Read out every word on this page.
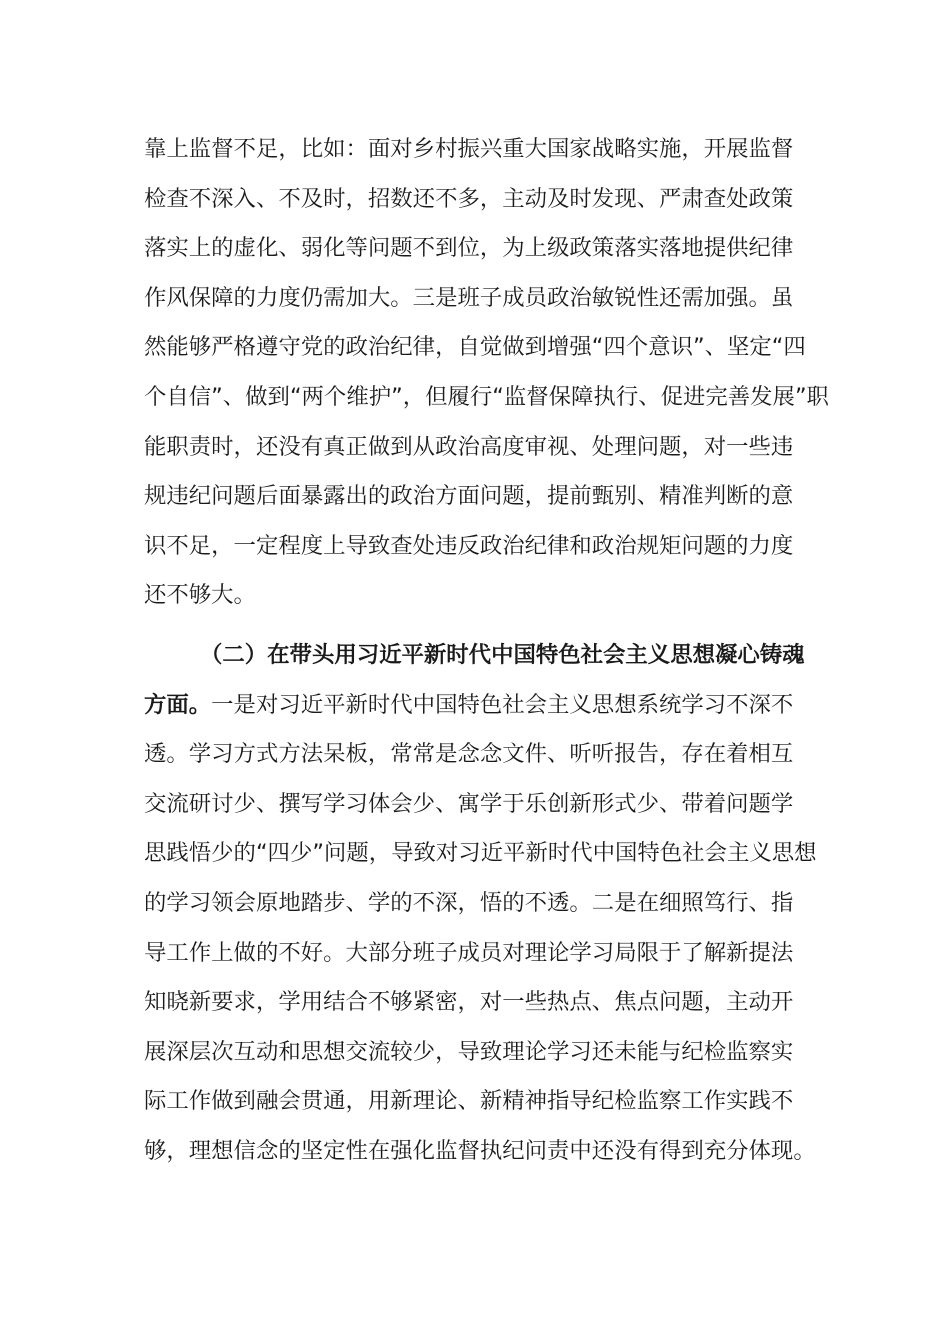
靠上监督不足，比如：面对乡村振兴重大国家战略实施，开展监督
检查不深入、不及时，招数还不多，主动及时发现、严肃查处政策
落实上的虚化、弱化等问题不到位，为上级政策落实落地提供纪律
作风保障的力度仍需加大。三是班子成员政治敏锐性还需加强。虽
然能够严格遵守党的政治纪律，自觉做到增强“四个意识”、坚定“四
个自信”、做到“两个维护”，但履行“监督保障执行、促进完善发展”职
能职责时，还没有真正做到从政治高度审视、处理问题，对一些违
规违纪问题后面暴露出的政治方面问题，提前甄别、精准判断的意
识不足，一定程度上导致查处违反政治纪律和政治规矩问题的力度
还不够大。
（二）在带头用习近平新时代中国特色社会主义思想凝心铸魂
方面。一是对习近平新时代中国特色社会主义思想系统学习不深不
透。学习方式方法呆板，常常是念念文件、听听报告，存在着相互
交流研讨少、撰写学习体会少、寓学于乐创新形式少、带着问题学
思践悟少的“四少”问题，导致对习近平新时代中国特色社会主义思想
的学习领会原地踏步、学的不深，悟的不透。二是在细照笃行、指
导工作上做的不好。大部分班子成员对理论学习局限于了解新提法
知晓新要求，学用结合不够紧密，对一些热点、焦点问题，主动开
展深层次互动和思想交流较少，导致理论学习还未能与纪检监察实
际工作做到融会贯通，用新理论、新精神指导纪检监察工作实践不
够，理想信念的坚定性在强化监督执纪问责中还没有得到充分体现。
